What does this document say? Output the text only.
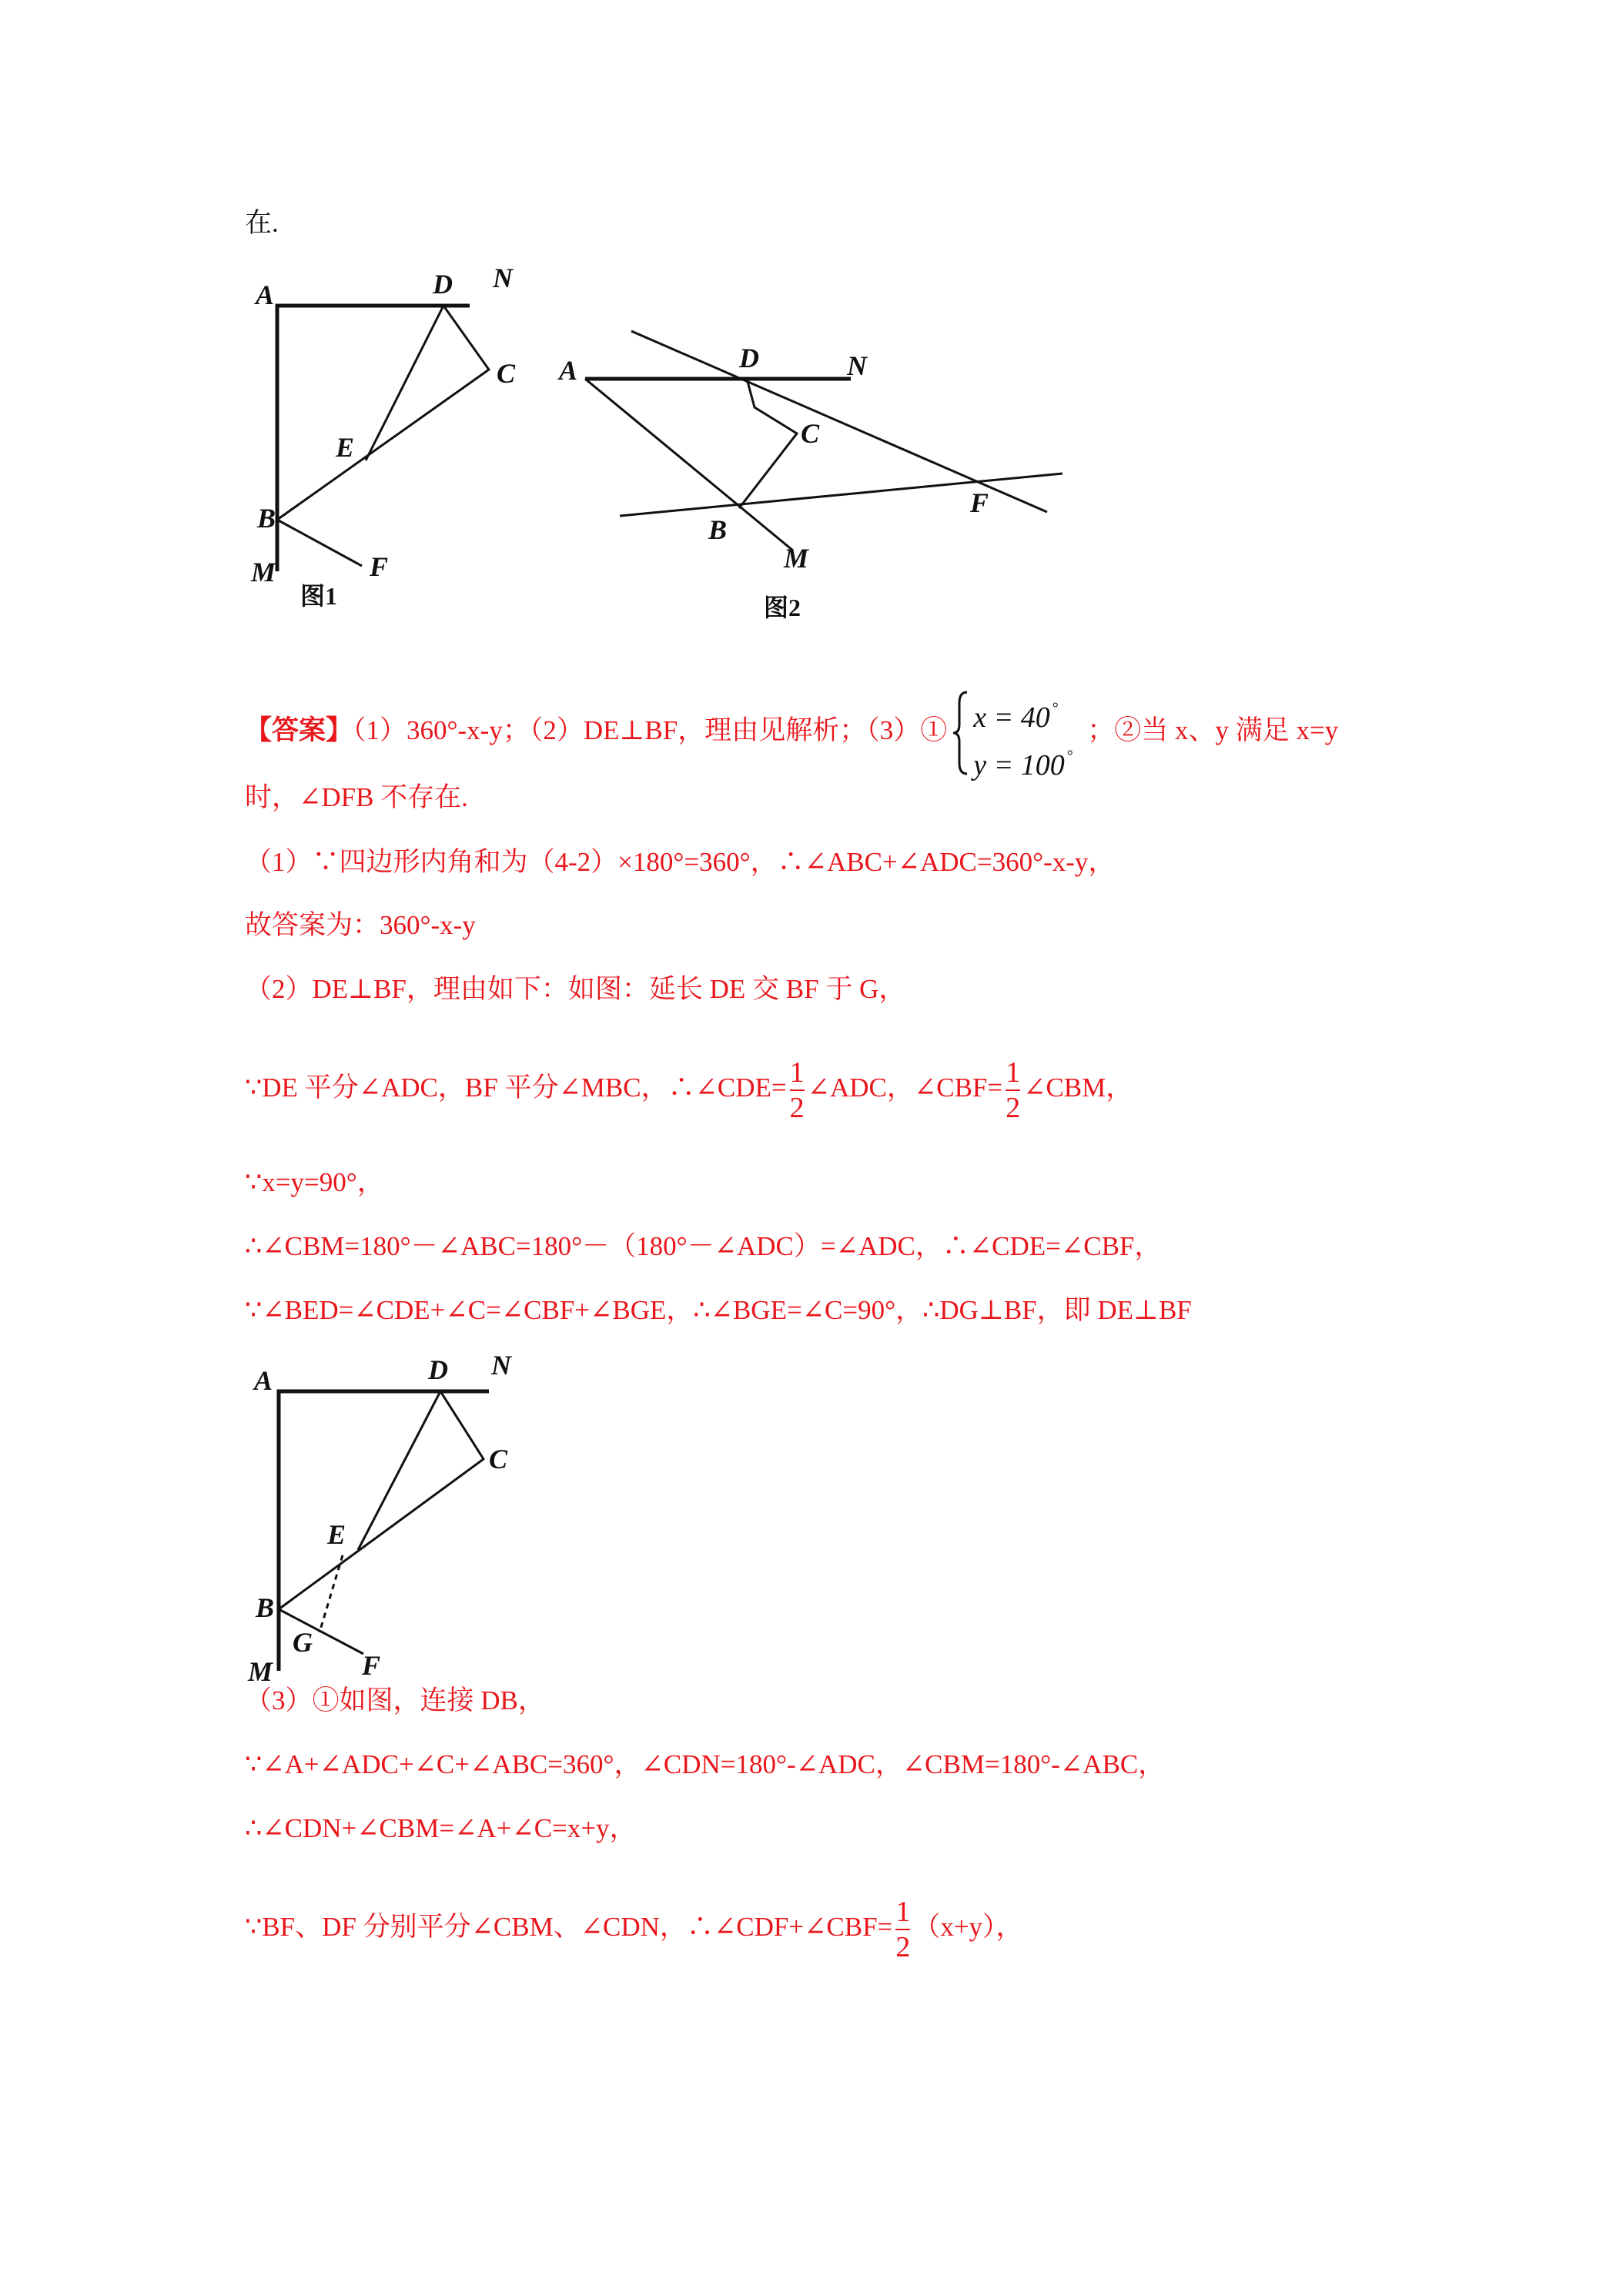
在.
A	D N
C
E
B
M	F
图1
A	D	N
C
B
F
M
图2
【答案】（1）360°-x-y；（2）DE⊥BF，理由见解析；（3）① x = 40 °
y = 100 °
；②当 x、y 满足 x=y
时，∠DFB 不存在.
（1）∵四边形内角和为（4-2）×180°=360°，∴∠ABC+∠ADC=360°-x-y，
故答案为：360°-x-y
（2）DE⊥BF，理由如下：如图：延长 DE 交 BF 于 G，
∵DE 平分∠ADC，BF 平分∠MBC，∴∠CDE= $\frac{1}{2}$ ∠ADC，∠CBF= $\frac{1}{2}$ ∠CBM，
∵x=y=90°，
∴∠CBM=180°－∠ABC=180°－（180°－∠ADC）=∠ADC，∴∠CDE=∠CBF，
∵∠BED=∠CDE+∠C=∠CBF+∠BGE，∴∠BGE=∠C=90°，∴DG⊥BF，即 DE⊥BF
A	D N
C
E
B
G
M	F
（3）①如图，连接 DB，
∵∠A+∠ADC+∠C+∠ABC=360°，∠CDN=180°-∠ADC，∠CBM=180°-∠ABC，
∴∠CDN+∠CBM=∠A+∠C=x+y，
∵BF、DF 分别平分∠CBM、∠CDN，∴∠CDF+∠CBF= $\frac{1}{2} (x+y)$，
